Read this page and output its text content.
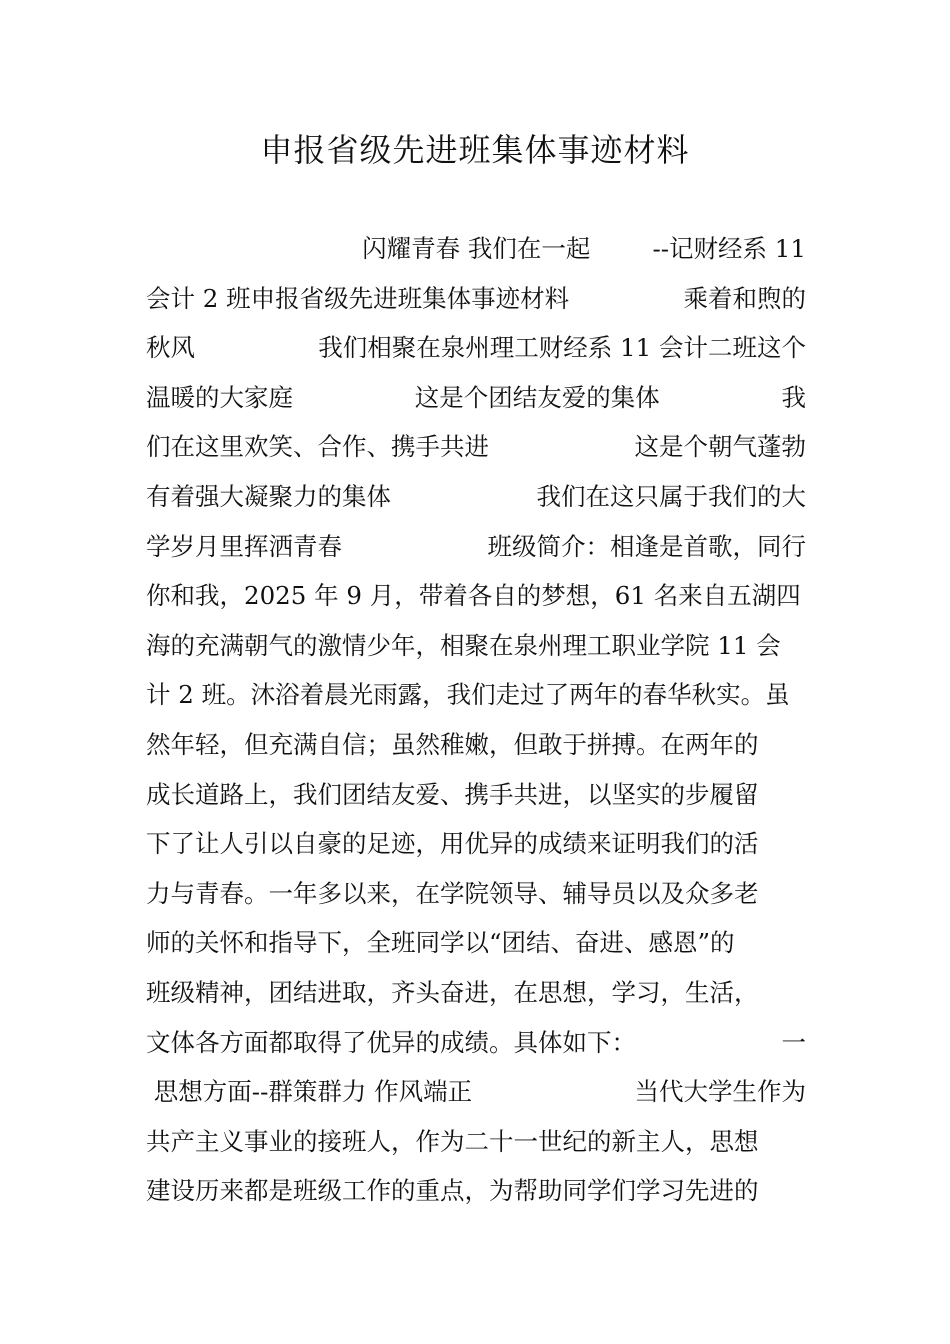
申报省级先进班集体事迹材料
闪耀青春 我们在一起	--记财经系 11
会计 2 班申报省级先进班集体事迹材料	乘着和煦的
秋风	我们相聚在泉州理工财经系 11 会计二班这个
温暖的大家庭	这是个团结友爱的集体	我
们在这里欢笑、合作、携手共进	这是个朝气蓬勃
有着强大凝聚力的集体	我们在这只属于我们的大
学岁月里挥洒青春	班级简介：相逢是首歌，同行
你和我，2025 年 9 月，带着各自的梦想，61 名来自五湖四
海的充满朝气的激情少年，相聚在泉州理工职业学院 11 会
计 2 班。沐浴着晨光雨露，我们走过了两年的春华秋实。虽
然年轻，但充满自信；虽然稚嫩，但敢于拼搏。在两年的
成长道路上，我们团结友爱、携手共进，以坚实的步履留
下了让人引以自豪的足迹，用优异的成绩来证明我们的活
力与青春。一年多以来，在学院领导、辅导员以及众多老
师的关怀和指导下，全班同学以“团结、奋进、感恩”的
班级精神，团结进取，齐头奋进，在思想，学习，生活，
文体各方面都取得了优异的成绩。具体如下：	一
思想方面--群策群力 作风端正	当代大学生作为
共产主义事业的接班人，作为二十一世纪的新主人，思想
建设历来都是班级工作的重点，为帮助同学们学习先进的
